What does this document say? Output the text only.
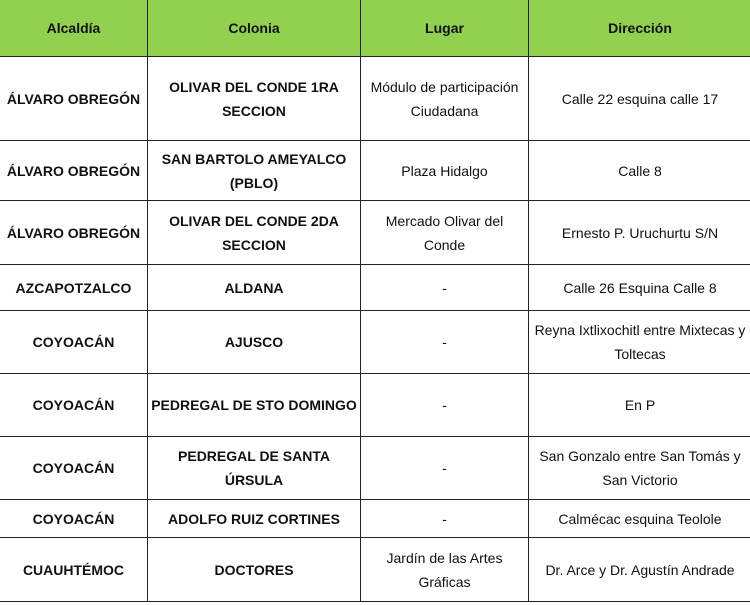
Alcaldía	Colonia	Lugar	Dirección
ÁLVARO OBREGÓN	OLIVAR DEL CONDE 1RA SECCION	Módulo de participación Ciudadana	Calle 22 esquina calle 17
ÁLVARO OBREGÓN	SAN BARTOLO AMEYALCO (PBLO)	Plaza Hidalgo	Calle 8
ÁLVARO OBREGÓN	OLIVAR DEL CONDE 2DA SECCION	Mercado Olivar del Conde	Ernesto P. Uruchurtu S/N
AZCAPOTZALCO	ALDANA	-	Calle 26 Esquina Calle 8
COYOACÁN	AJUSCO	-	Reyna Ixtlixochitl entre Mixtecas y Toltecas
COYOACÁN	PEDREGAL DE STO DOMINGO	-	En P
COYOACÁN	PEDREGAL DE SANTA ÚRSULA	-	San Gonzalo entre San Tomás y San Victorio
COYOACÁN	ADOLFO RUIZ CORTINES	-	Calmécac esquina Teolole
CUAUHTÉMOC	DOCTORES	Jardín de las Artes Gráficas	Dr. Arce y Dr. Agustín Andrade
